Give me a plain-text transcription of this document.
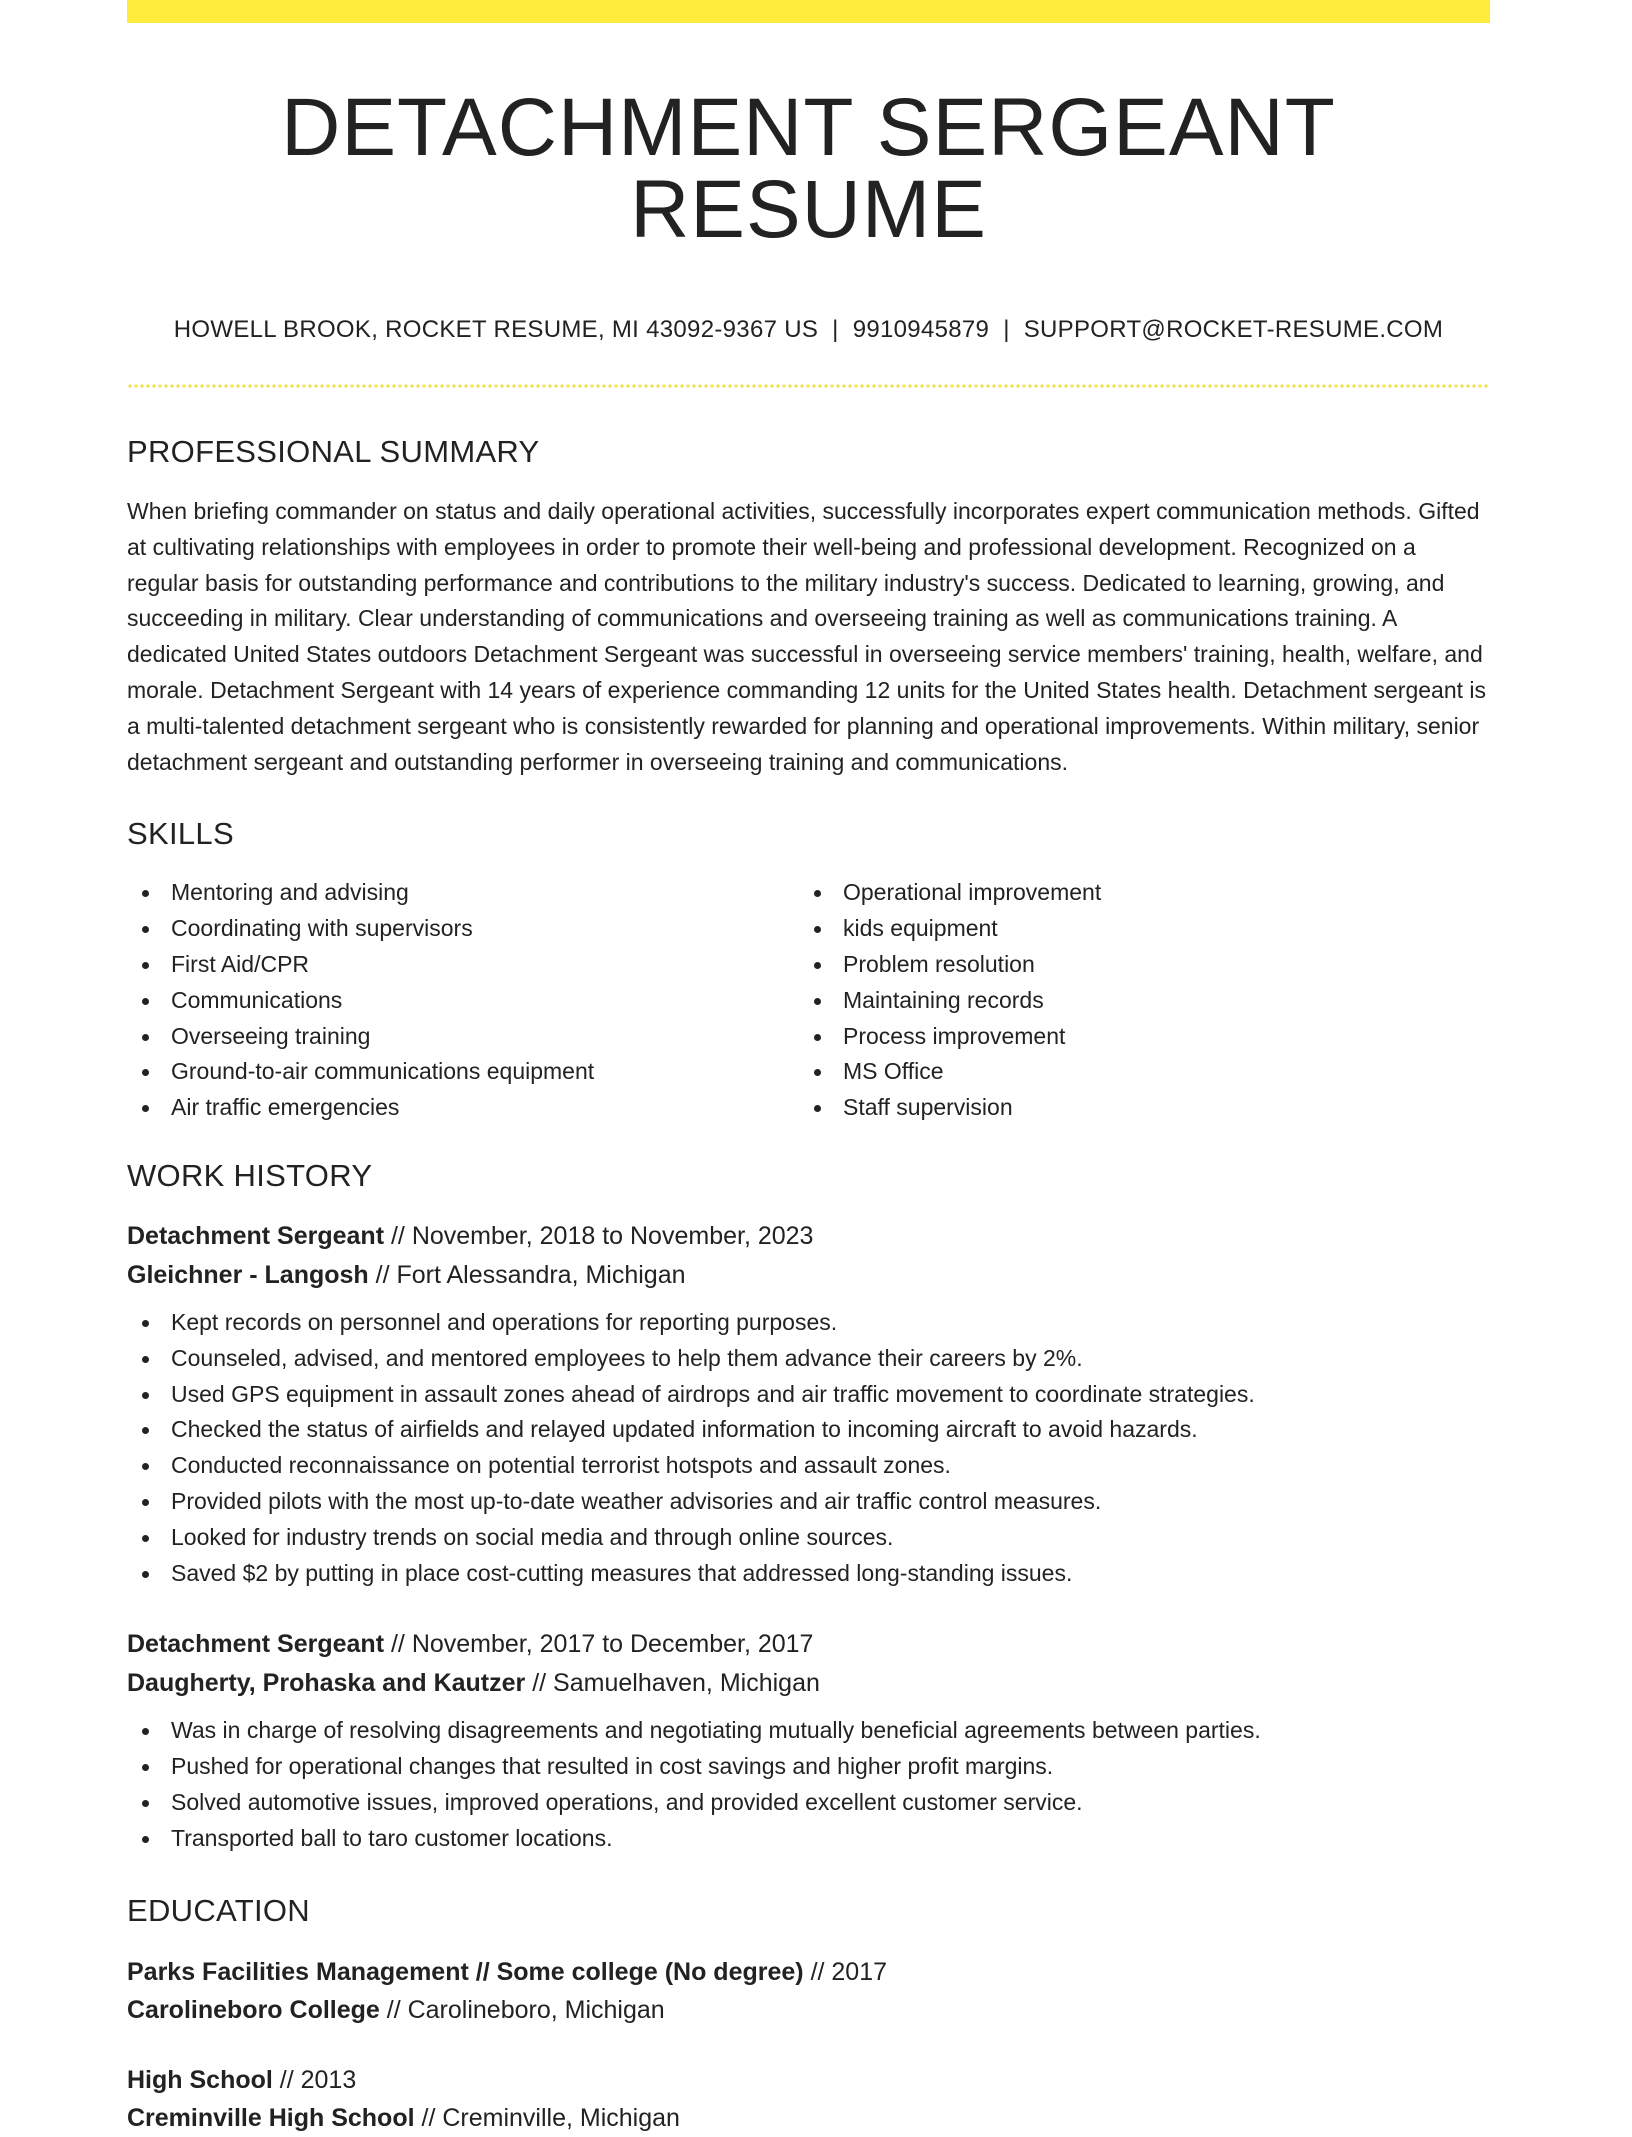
DETACHMENT SERGEANT RESUME
HOWELL BROOK, ROCKET RESUME, MI 43092-9367 US | 9910945879 | SUPPORT@ROCKET-RESUME.COM
PROFESSIONAL SUMMARY

When briefing commander on status and daily operational activities, successfully incorporates expert communication methods. Gifted at cultivating relationships with employees in order to promote their well-being and professional development. Recognized on a regular basis for outstanding performance and contributions to the military industry's success. Dedicated to learning, growing, and succeeding in military. Clear understanding of communications and overseeing training as well as communications training. A dedicated United States outdoors Detachment Sergeant was successful in overseeing service members' training, health, welfare, and morale. Detachment Sergeant with 14 years of experience commanding 12 units for the United States health. Detachment sergeant is a multi-talented detachment sergeant who is consistently rewarded for planning and operational improvements. Within military, senior detachment sergeant and outstanding performer in overseeing training and communications.

SKILLS
Mentoring and advising
Coordinating with supervisors
First Aid/CPR
Communications
Overseeing training
Ground-to-air communications equipment
Air traffic emergencies
Operational improvement
kids equipment
Problem resolution
Maintaining records
Process improvement
MS Office
Staff supervision
WORK HISTORY
Detachment Sergeant // November, 2018 to November, 2023
Gleichner - Langosh // Fort Alessandra, Michigan
Kept records on personnel and operations for reporting purposes.
Counseled, advised, and mentored employees to help them advance their careers by 2%.
Used GPS equipment in assault zones ahead of airdrops and air traffic movement to coordinate strategies.
Checked the status of airfields and relayed updated information to incoming aircraft to avoid hazards.
Conducted reconnaissance on potential terrorist hotspots and assault zones.
Provided pilots with the most up-to-date weather advisories and air traffic control measures.
Looked for industry trends on social media and through online sources.
Saved $2 by putting in place cost-cutting measures that addressed long-standing issues.
Detachment Sergeant // November, 2017 to December, 2017
Daugherty, Prohaska and Kautzer // Samuelhaven, Michigan
Was in charge of resolving disagreements and negotiating mutually beneficial agreements between parties.
Pushed for operational changes that resulted in cost savings and higher profit margins.
Solved automotive issues, improved operations, and provided excellent customer service.
Transported ball to taro customer locations.
EDUCATION
Parks Facilities Management // Some college (No degree) // 2017
Carolineboro College // Carolineboro, Michigan
High School // 2013
Creminville High School // Creminville, Michigan
